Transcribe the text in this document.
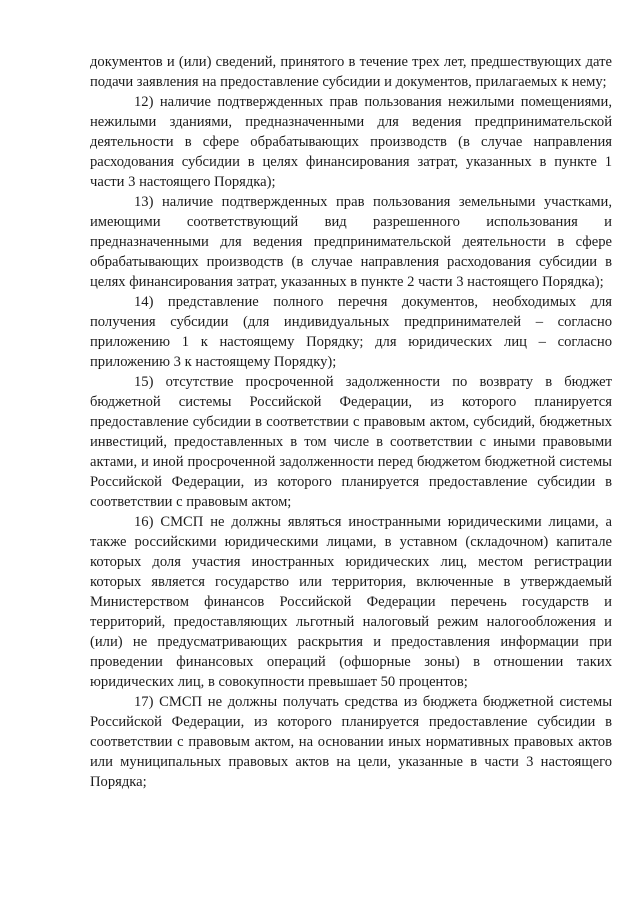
документов и (или) сведений, принятого в течение трех лет, предшествующих дате подачи заявления на предоставление субсидии и документов, прилагаемых к нему;

12) наличие подтвержденных прав пользования нежилыми помещениями, нежилыми зданиями, предназначенными для ведения предпринимательской деятельности в сфере обрабатывающих производств (в случае направления расходования субсидии в целях финансирования затрат, указанных в пункте 1 части 3 настоящего Порядка);

13) наличие подтвержденных прав пользования земельными участками, имеющими соответствующий вид разрешенного использования и предназначенными для ведения предпринимательской деятельности в сфере обрабатывающих производств (в случае направления расходования субсидии в целях финансирования затрат, указанных в пункте 2 части 3 настоящего Порядка);

14) представление полного перечня документов, необходимых для получения субсидии (для индивидуальных предпринимателей – согласно приложению 1 к настоящему Порядку; для юридических лиц – согласно приложению 3 к настоящему Порядку);

15) отсутствие просроченной задолженности по возврату в бюджет бюджетной системы Российской Федерации, из которого планируется предоставление субсидии в соответствии с правовым актом, субсидий, бюджетных инвестиций, предоставленных в том числе в соответствии с иными правовыми актами, и иной просроченной задолженности перед бюджетом бюджетной системы Российской Федерации, из которого планируется предоставление субсидии в соответствии с правовым актом;

16) СМСП не должны являться иностранными юридическими лицами, а также российскими юридическими лицами, в уставном (складочном) капитале которых доля участия иностранных юридических лиц, местом регистрации которых является государство или территория, включенные в утверждаемый Министерством финансов Российской Федерации перечень государств и территорий, предоставляющих льготный налоговый режим налогообложения и (или) не предусматривающих раскрытия и предоставления информации при проведении финансовых операций (офшорные зоны) в отношении таких юридических лиц, в совокупности превышает 50 процентов;

17) СМСП не должны получать средства из бюджета бюджетной системы Российской Федерации, из которого планируется предоставление субсидии в соответствии с правовым актом, на основании иных нормативных правовых актов или муниципальных правовых актов на цели, указанные в части 3 настоящего Порядка;
